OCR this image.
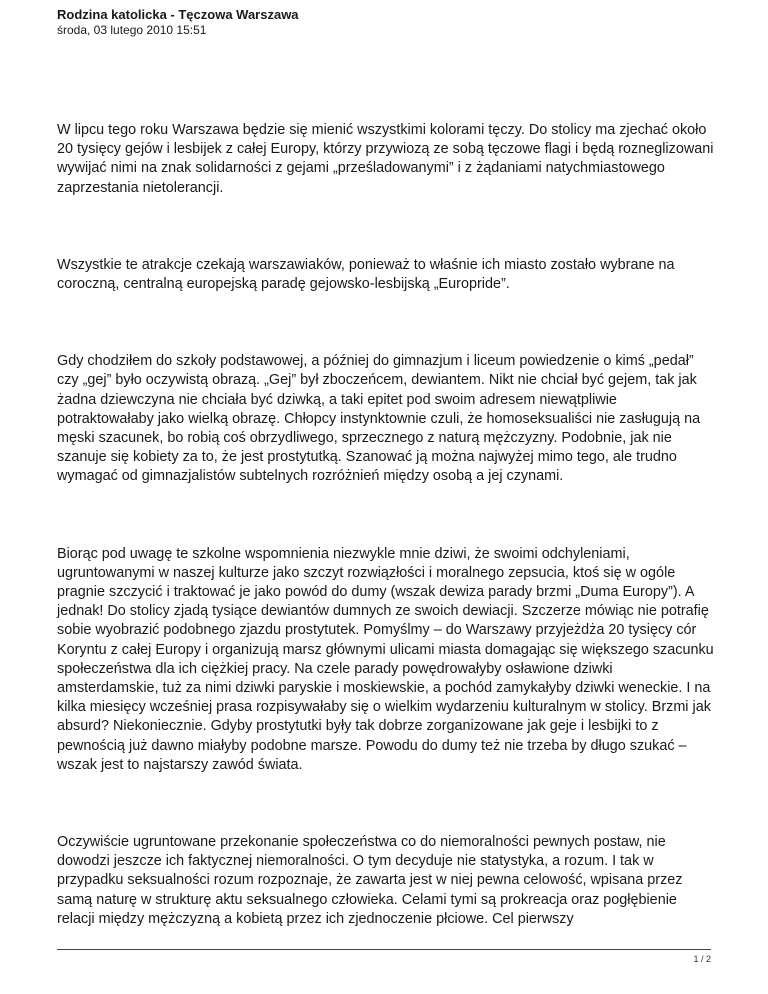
Rodzina katolicka - Tęczowa Warszawa
środa, 03 lutego 2010 15:51

W lipcu tego roku Warszawa będzie się mienić wszystkimi kolorami tęczy. Do stolicy ma zjechać około 20 tysięcy gejów i lesbijek z całej Europy, którzy przywiozą ze sobą tęczowe flagi i będą rozneglizowani wywijać nimi na znak solidarności z gejami „prześladowanymi” i z żądaniami natychmiastowego zaprzestania nietolerancji.

Wszystkie te atrakcje czekają warszawiaków, ponieważ to właśnie ich miasto zostało wybrane na coroczną, centralną europejską paradę gejowsko-lesbijską „Europride”.

Gdy chodziłem do szkoły podstawowej, a później do gimnazjum i liceum powiedzenie o kimś „pedał” czy „gej” było oczywistą obrazą. „Gej” był zboczeńcem, dewiantem. Nikt nie chciał być gejem, tak jak żadna dziewczyna nie chciała być dziwką, a taki epitet pod swoim adresem niewątpliwie potraktowałaby jako wielką obrazę. Chłopcy instynktownie czuli, że homoseksualiści nie zasługują na męski szacunek, bo robią coś obrzydliwego, sprzecznego z naturą mężczyzny. Podobnie, jak nie szanuje się kobiety za to, że jest prostytutką. Szanować ją można najwyżej mimo tego, ale trudno wymagać od gimnazjalistów subtelnych rozróżnień między osobą a jej czynami.

Biorąc pod uwagę te szkolne wspomnienia niezwykle mnie dziwi, że swoimi odchyleniami, ugruntowanymi w naszej kulturze jako szczyt rozwiązłości i moralnego zepsucia, ktoś się w ogóle pragnie szczycić i traktować je jako powód do dumy (wszak dewiza parady brzmi „Duma Europy”). A jednak! Do stolicy zjadą tysiące dewiantów dumnych ze swoich dewiacji. Szczerze mówiąc nie potrafię sobie wyobrazić podobnego zjazdu prostytutek. Pomyślmy – do Warszawy przyjeżdża 20 tysięcy cór Koryntu z całej Europy i organizują marsz głównymi ulicami miasta domagając się większego szacunku społeczeństwa dla ich ciężkiej pracy. Na czele parady powędrowałyby osławione dziwki amsterdamskie, tuż za nimi dziwki paryskie i moskiewskie, a pochód zamykałyby dziwki weneckie. I na kilka miesięcy wcześniej prasa rozpisywałaby się o wielkim wydarzeniu kulturalnym w stolicy. Brzmi jak absurd? Niekoniecznie. Gdyby prostytutki były tak dobrze zorganizowane jak geje i lesbijki to z pewnością już dawno miałyby podobne marsze. Powodu do dumy też nie trzeba by długo szukać – wszak jest to najstarszy zawód świata.

Oczywiście ugruntowane przekonanie społeczeństwa co do niemoralności pewnych postaw, nie dowodzi jeszcze ich faktycznej niemoralności. O tym decyduje nie statystyka, a rozum. I tak w przypadku seksualności rozum rozpoznaje, że zawarta jest w niej pewna celowość, wpisana przez samą naturę w strukturę aktu seksualnego człowieka. Celami tymi są prokreacja oraz pogłębienie relacji między mężczyzną a kobietą przez ich zjednoczenie płciowe. Cel pierwszy

1 / 2
